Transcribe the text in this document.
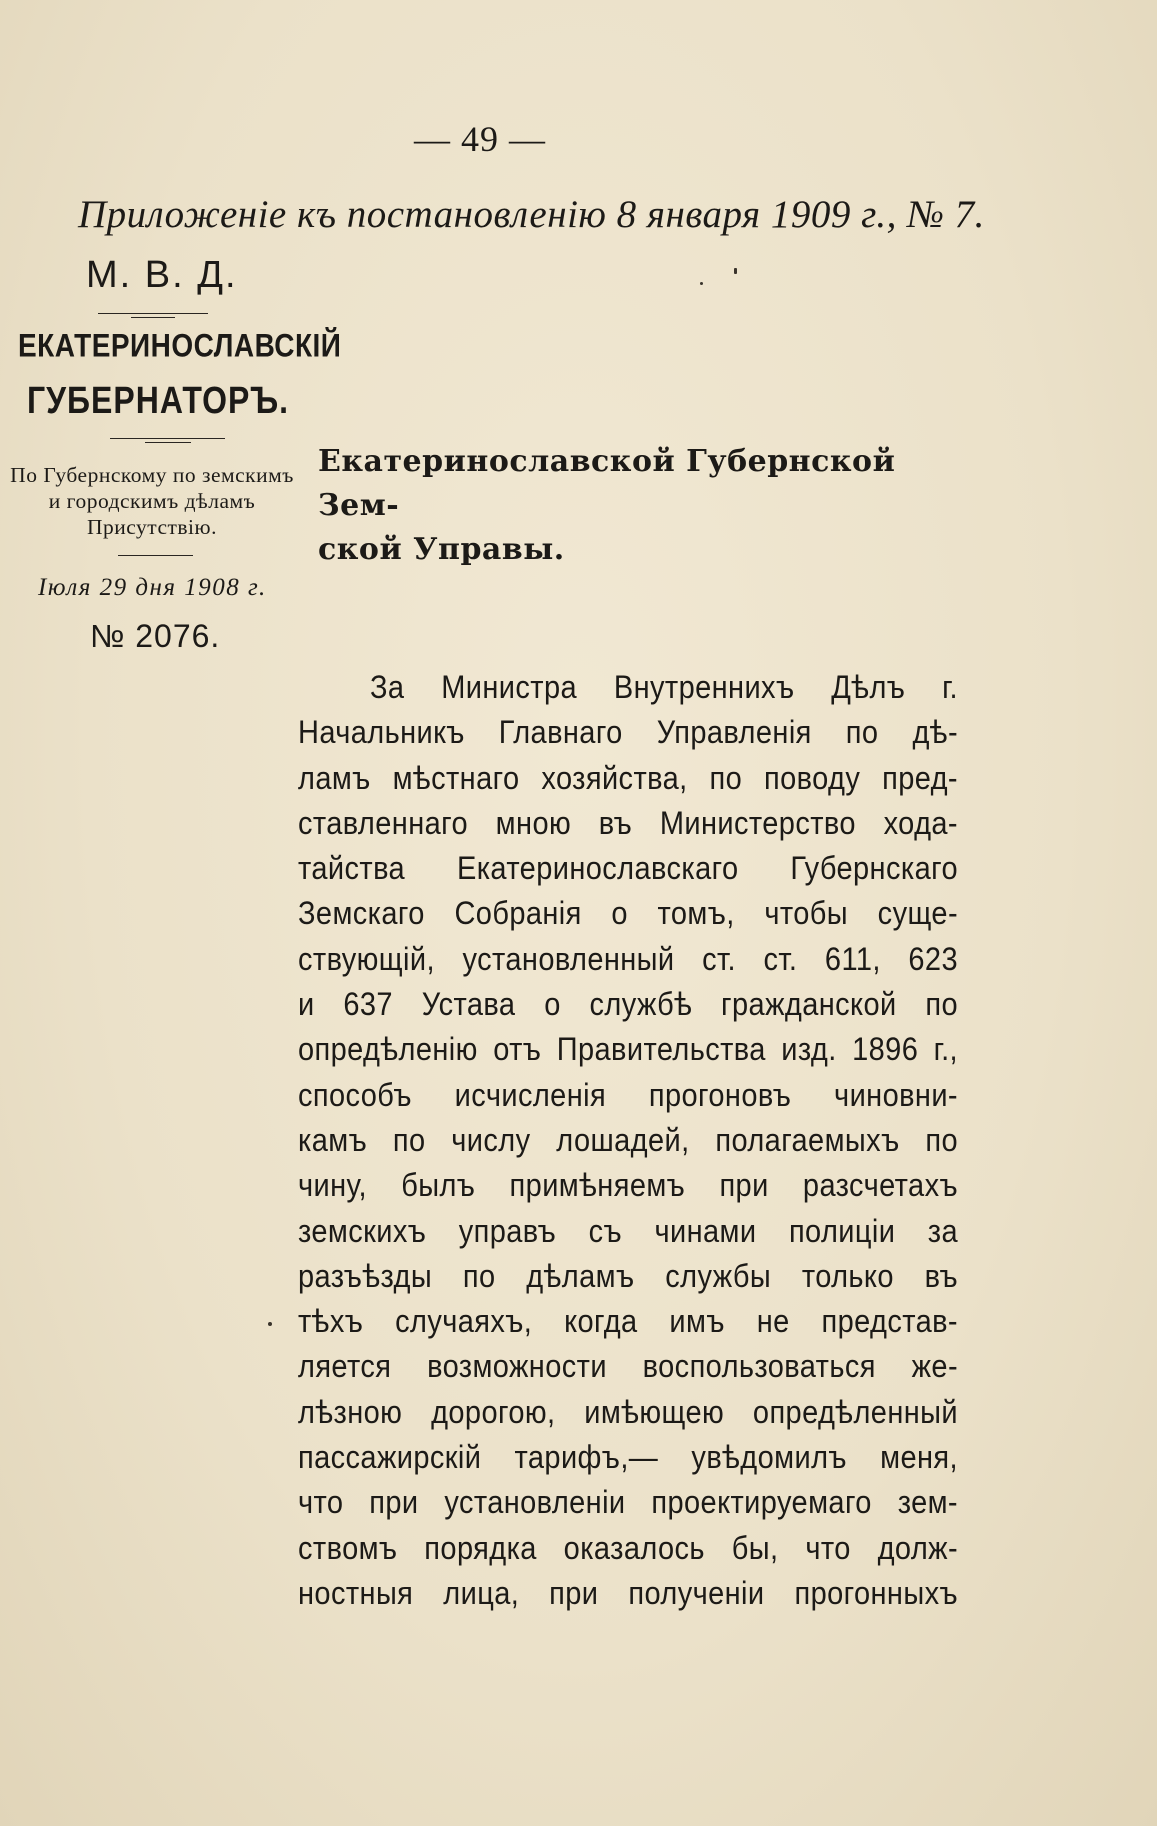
— 49 —
Приложеніе къ постановленію 8 января 1909 г., № 7.
М. В. Д.
ЕКАТЕРИНОСЛАВСКІЙ
ГУБЕРНАТОРЪ.
По Губернскому по земскимъ и городскимъ дѣламъ Присутствію.
Іюля 29 дня 1908 г.
№ 2076.
Екатеринославской Губернской Зем-
ской Управы.
За Министра Внутреннихъ Дѣлъ г.
Начальникъ Главнаго Управленія по дѣ-
ламъ мѣстнаго хозяйства, по поводу пред-
ставленнаго мною въ Министерство хода-
тайства Екатеринославскаго Губернскаго
Земскаго Собранія о томъ, чтобы суще-
ствующій, установленный ст. ст. 611, 623
и 637 Устава о службѣ гражданской по
опредѣленію отъ Правительства изд. 1896 г.,
способъ исчисленія прогоновъ чиновни-
камъ по числу лошадей, полагаемыхъ по
чину, былъ примѣняемъ при разсчетахъ
земскихъ управъ съ чинами полиціи за
разъѣзды по дѣламъ службы только въ
тѣхъ случаяхъ, когда имъ не представ-
ляется возможности воспользоваться же-
лѣзною дорогою, имѣющею опредѣленный
пассажирскій тарифъ,— увѣдомилъ меня,
что при установленіи проектируемаго зем-
ствомъ порядка оказалось бы, что долж-
ностныя лица, при полученіи прогонныхъ
